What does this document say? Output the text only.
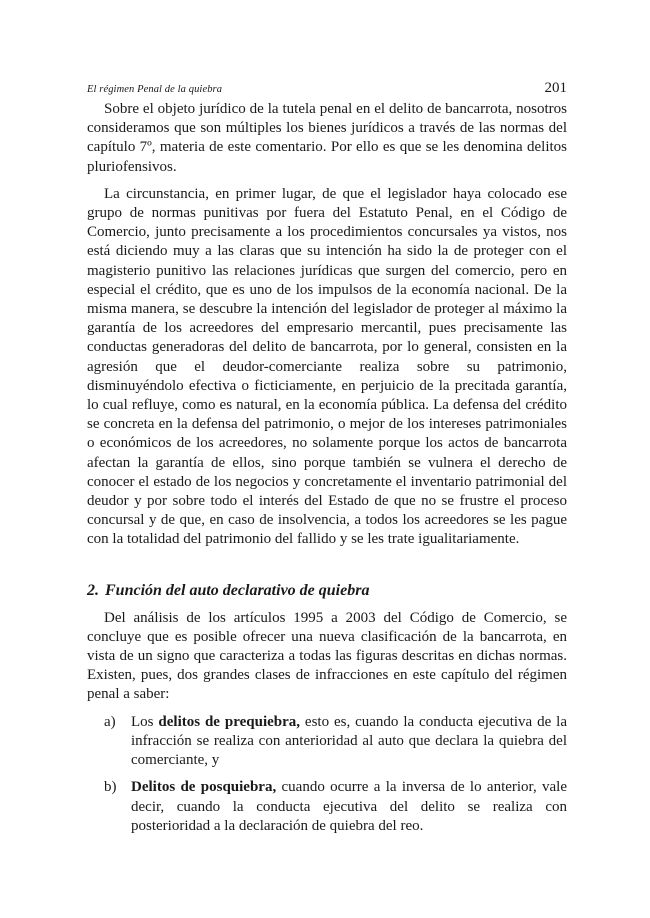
El régimen Penal de la quiebra	201

Sobre el objeto jurídico de la tutela penal en el delito de bancarrota, nosotros consideramos que son múltiples los bienes jurídicos a través de las normas del capítulo 7º, materia de este comentario. Por ello es que se les denomina delitos pluriofensivos.

La circunstancia, en primer lugar, de que el legislador haya colocado ese grupo de normas punitivas por fuera del Estatuto Penal, en el Código de Comercio, junto precisamente a los procedimientos concursales ya vistos, nos está diciendo muy a las claras que su intención ha sido la de proteger con el magisterio punitivo las relaciones jurídicas que surgen del comercio, pero en especial el crédito, que es uno de los impulsos de la economía nacional. De la misma manera, se descubre la intención del legislador de proteger al máximo la garantía de los acreedores del empresario mercantil, pues precisamente las conductas generadoras del delito de bancarrota, por lo general, consisten en la agresión que el deudor-comerciante realiza sobre su patrimonio, disminuyéndolo efectiva o ficticiamente, en perjuicio de la precitada garantía, lo cual refluye, como es natural, en la economía pública. La defensa del crédito se concreta en la defensa del patrimonio, o mejor de los intereses patrimoniales o económicos de los acreedores, no solamente porque los actos de bancarrota afectan la garantía de ellos, sino porque también se vulnera el derecho de conocer el estado de los negocios y concretamente el inventario patrimonial del deudor y por sobre todo el interés del Estado de que no se frustre el proceso concursal y de que, en caso de insolvencia, a todos los acreedores se les pague con la totalidad del patrimonio del fallido y se les trate igualitariamente.

2. Función del auto declarativo de quiebra

Del análisis de los artículos 1995 a 2003 del Código de Comercio, se concluye que es posible ofrecer una nueva clasificación de la bancarrota, en vista de un signo que caracteriza a todas las figuras descritas en dichas normas. Existen, pues, dos grandes clases de infracciones en este capítulo del régimen penal a saber:

a) Los delitos de prequiebra, esto es, cuando la conducta ejecutiva de la infracción se realiza con anterioridad al auto que declara la quiebra del comerciante, y
b) Delitos de posquiebra, cuando ocurre a la inversa de lo anterior, vale decir, cuando la conducta ejecutiva del delito se realiza con posterioridad a la declaración de quiebra del reo.
